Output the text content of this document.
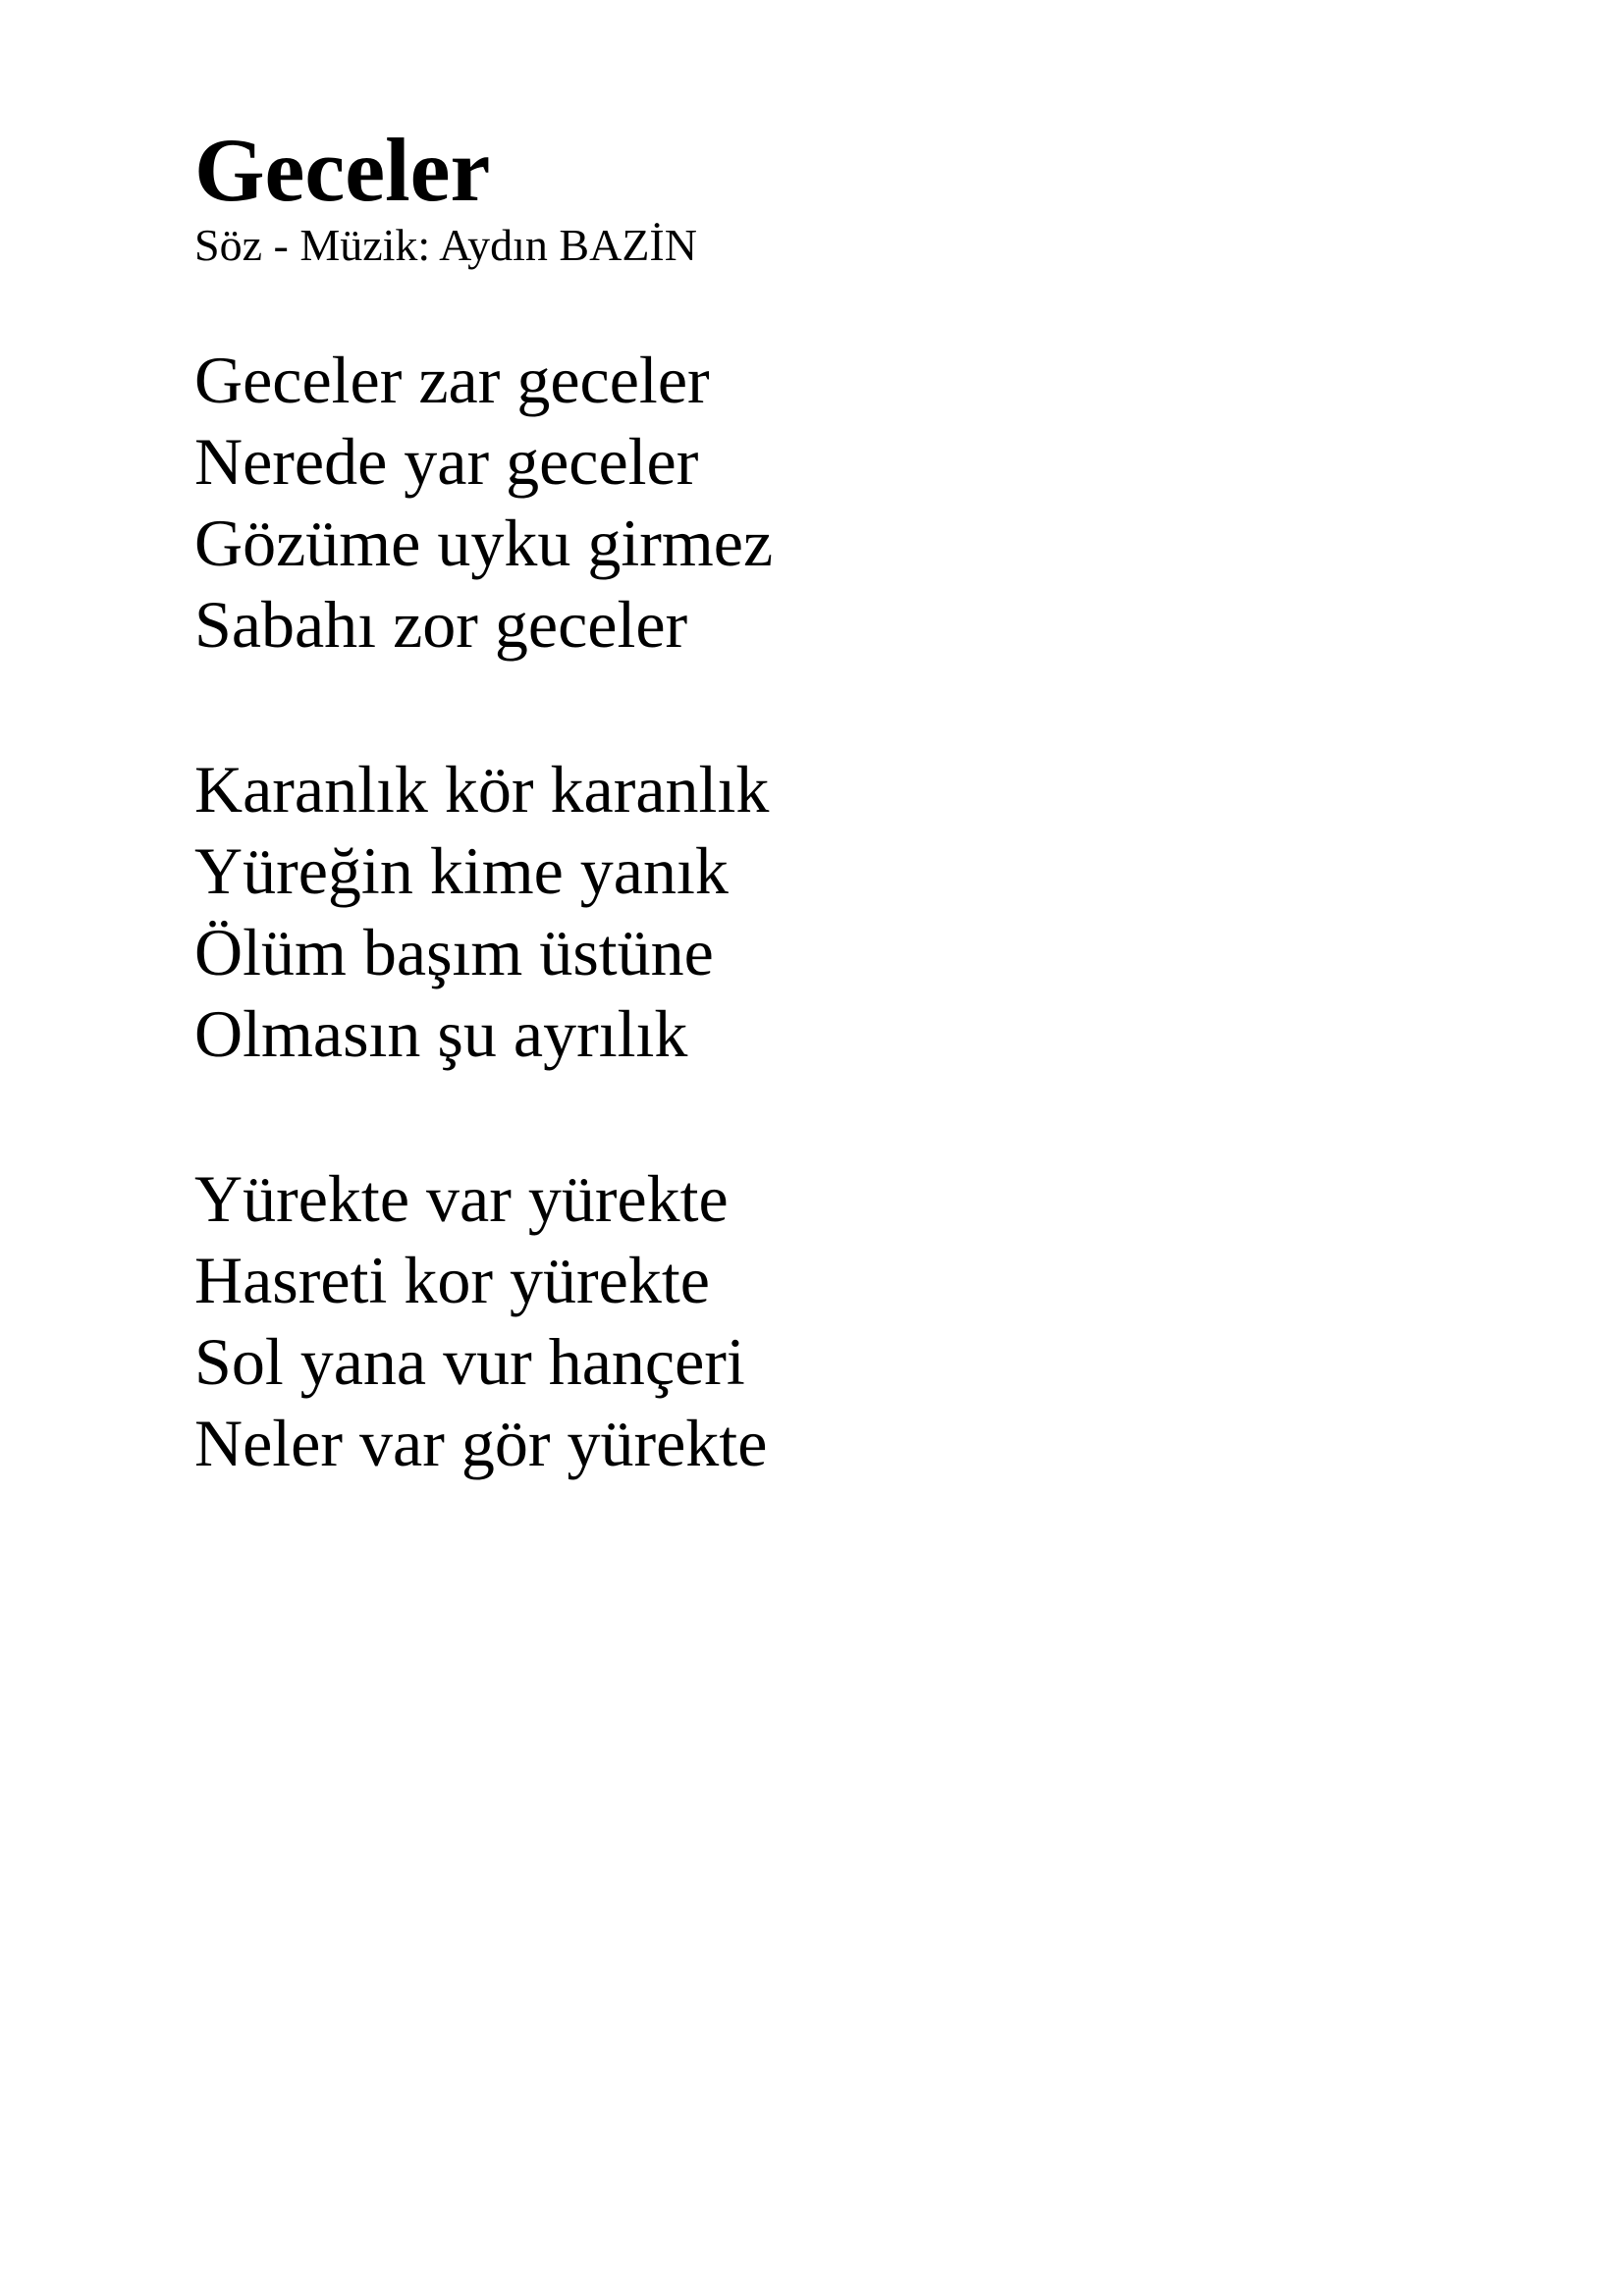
Geceler

Söz - Müzik: Aydın BAZİN

Geceler zar geceler
Nerede yar geceler
Gözüme uyku girmez
Sabahı zor geceler
Karanlık kör karanlık
Yüreğin kime yanık
Ölüm başım üstüne
Olmasın şu ayrılık
Yürekte var yürekte
Hasreti kor yürekte
Sol yana vur hançeri
Neler var gör yürekte
